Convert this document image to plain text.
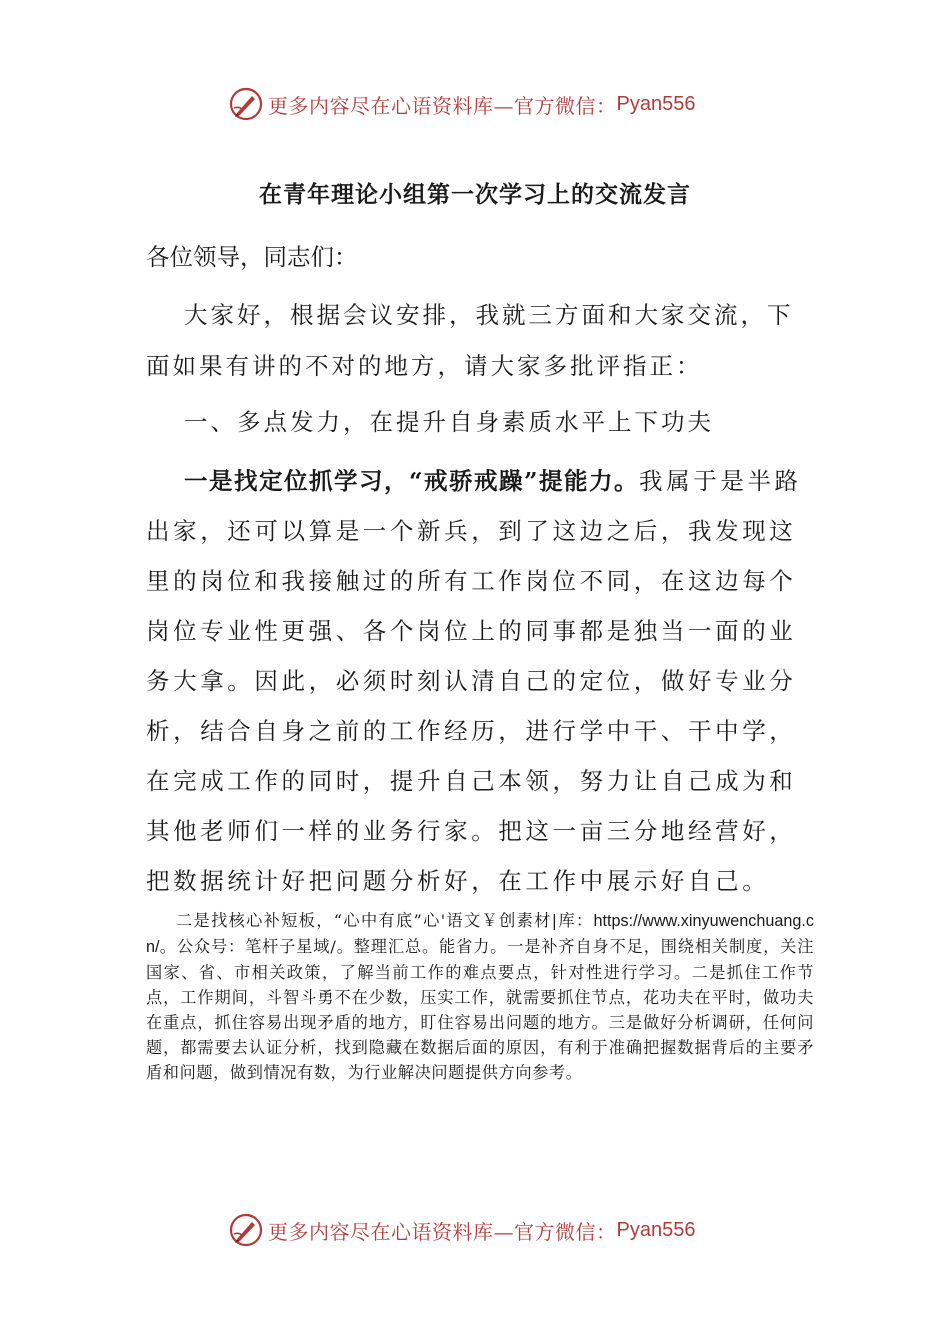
更多内容尽在心语资料库—官方微信： Pyan556
在青年理论小组第一次学习上的交流发言
各位领导，同志们：
大家好，根据会议安排，我就三方面和大家交流，下面如果有讲的不对的地方，请大家多批评指正：
一、多点发力，在提升自身素质水平上下功夫
一是找定位抓学习，“戒骄戒躁”提能力。我属于是半路出家，还可以算是一个新兵，到了这边之后，我发现这里的岗位和我接触过的所有工作岗位不同，在这边每个岗位专业性更强、各个岗位上的同事都是独当一面的业务大拿。因此，必须时刻认清自己的定位，做好专业分析，结合自身之前的工作经历，进行学中干、干中学，在完成工作的同时，提升自己本领，努力让自己成为和其他老师们一样的业务行家。把这一亩三分地经营好，把数据统计好把问题分析好，在工作中展示好自己。
二是找核心补短板，“心中有底”心'语文￥创素材|库：https://www.xinyuwenchuang.cn/。公众号：笔杆子星域/。整理汇总。能省力。一是补齐自身不足，围绕相关制度，关注国家、省、市相关政策，了解当前工作的难点要点，针对性进行学习。二是抓住工作节点，工作期间，斗智斗勇不在少数，压实工作，就需要抓住节点，花功夫在平时，做功夫在重点，抓住容易出现矛盾的地方，盯住容易出问题的地方。三是做好分析调研，任何问题，都需要去认证分析，找到隐藏在数据后面的原因，有利于准确把握数据背后的主要矛盾和问题，做到情况有数，为行业解决问题提供方向参考。
更多内容尽在心语资料库—官方微信： Pyan556
